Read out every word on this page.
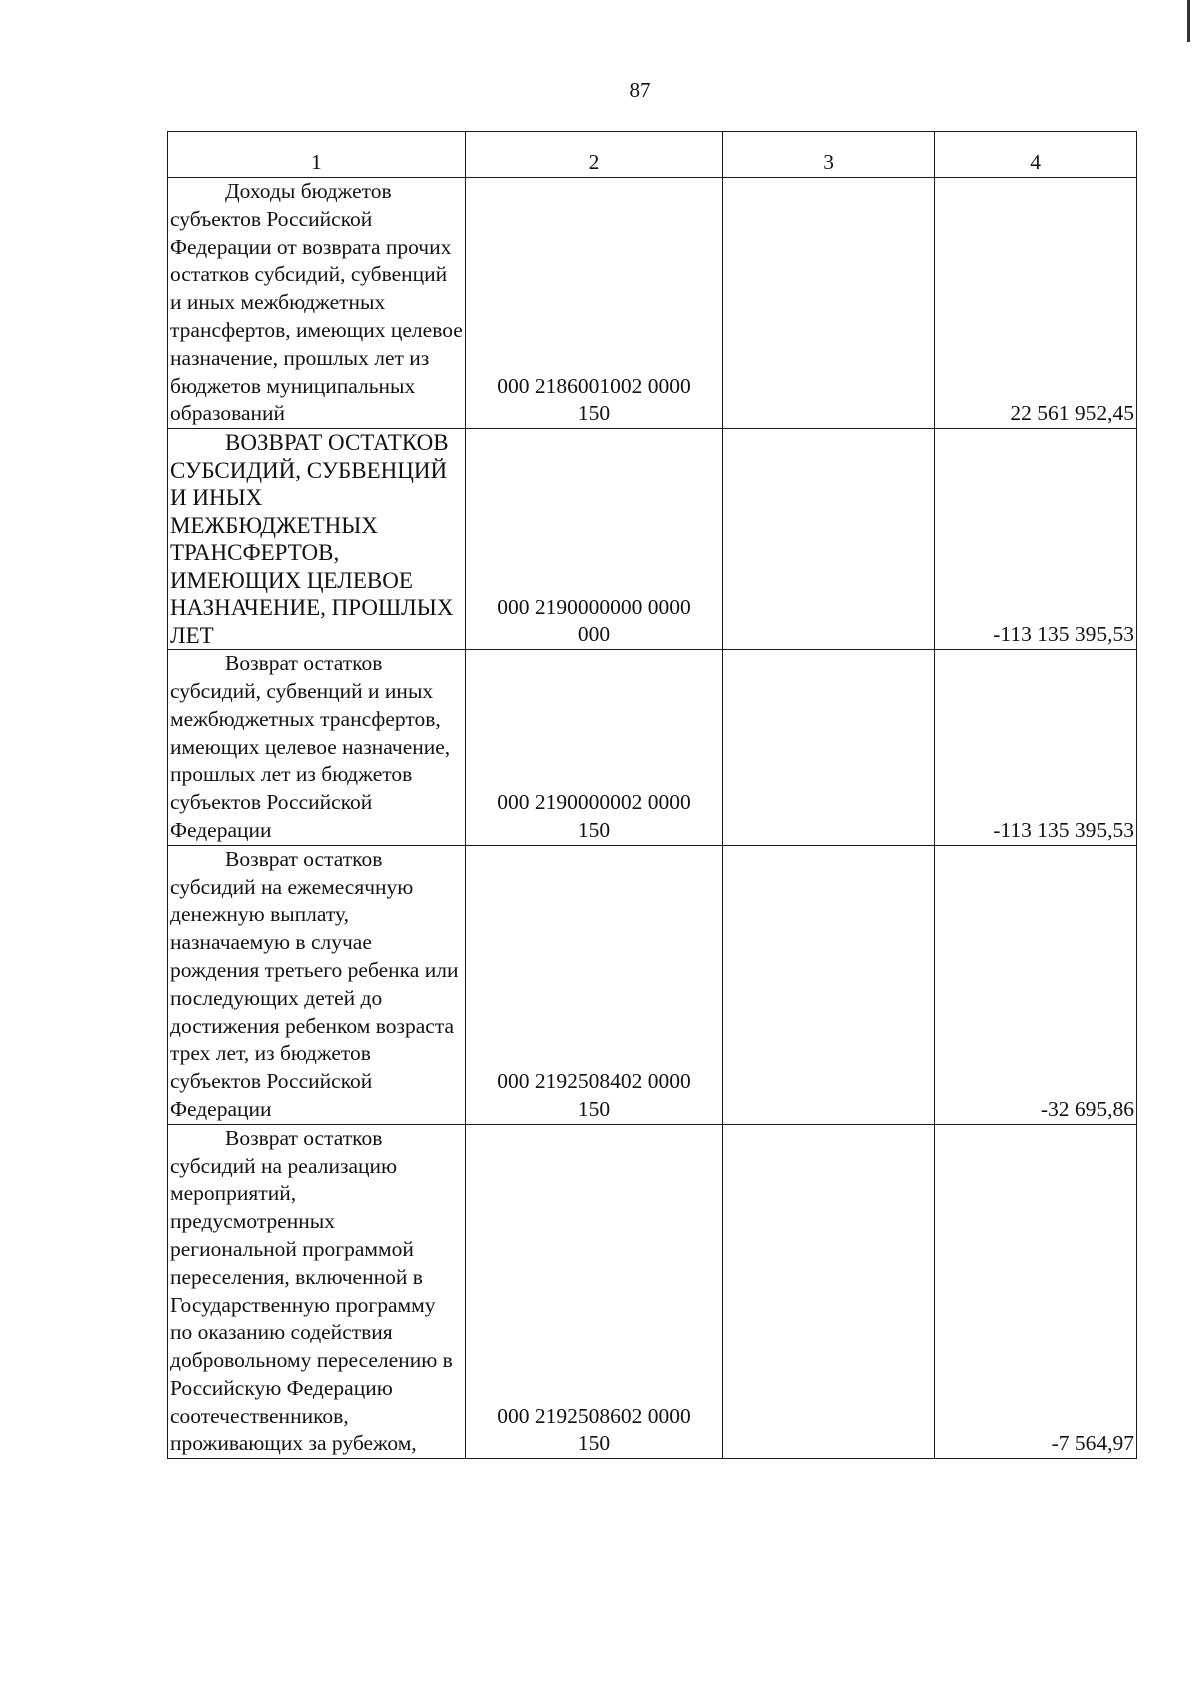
87
1	2	3	4
Доходы бюджетов субъектов Российской Федерации от возврата прочих остатков субсидий, субвенций и иных межбюджетных трансфертов, имеющих целевое назначение, прошлых лет из бюджетов муниципальных образований	000 2186001002 0000 150		22 561 952,45
ВОЗВРАТ ОСТАТКОВ СУБСИДИЙ, СУБВЕНЦИЙ И ИНЫХ МЕЖБЮДЖЕТНЫХ ТРАНСФЕРТОВ, ИМЕЮЩИХ ЦЕЛЕВОЕ НАЗНАЧЕНИЕ, ПРОШЛЫХ ЛЕТ	000 2190000000 0000 000		-113 135 395,53
Возврат остатков субсидий, субвенций и иных межбюджетных трансфертов, имеющих целевое назначение, прошлых лет из бюджетов субъектов Российской Федерации	000 2190000002 0000 150		-113 135 395,53
Возврат остатков субсидий на ежемесячную денежную выплату, назначаемую в случае рождения третьего ребенка или последующих детей до достижения ребенком возраста трех лет, из бюджетов субъектов Российской Федерации	000 2192508402 0000 150		-32 695,86
Возврат остатков субсидий на реализацию мероприятий, предусмотренных региональной программой переселения, включенной в Государственную программу по оказанию содействия добровольному переселению в Российскую Федерацию соотечественников, проживающих за рубежом,	000 2192508602 0000 150		-7 564,97
